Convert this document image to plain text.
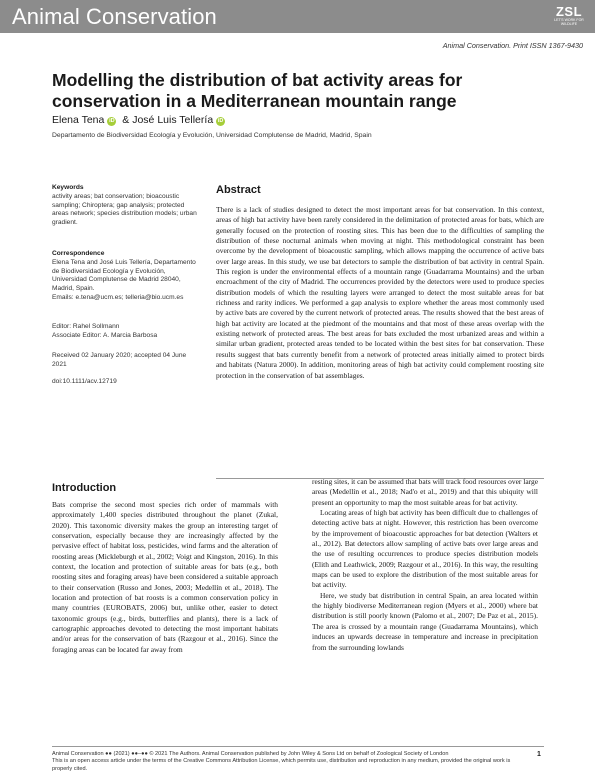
Animal Conservation	ZSL
LET'S WORK FOR WILDLIFE
Animal Conservation. Print ISSN 1367-9430
Modelling the distribution of bat activity areas for conservation in a Mediterranean mountain range
Elena Tena iD & José Luis Tellería iD
Departamento de Biodiversidad Ecología y Evolución, Universidad Complutense de Madrid, Madrid, Spain
Keywords
activity areas; bat conservation; bioacoustic sampling; Chiroptera; gap analysis; protected areas network; species distribution models; urban gradient.
Correspondence
Elena Tena and José Luis Tellería, Departamento de Biodiversidad Ecología y Evolución, Universidad Complutense de Madrid 28040, Madrid, Spain.
Emails: e.tena@ucm.es; telleria@bio.ucm.es
Editor: Rahel Sollmann
Associate Editor: A. Marcia Barbosa
Received 02 January 2020; accepted 04 June 2021
doi:10.1111/acv.12719
Abstract
There is a lack of studies designed to detect the most important areas for bat conservation. In this context, areas of high bat activity have been rarely considered in the delimitation of protected areas for bats, which are generally focused on the protection of roosting sites. This has been due to the difficulties of sampling the distribution of these nocturnal animals when moving at night. This methodological constraint has been overcome by the development of bioacoustic sampling, which allows mapping the occurrence of active bats over large areas. In this study, we use bat detectors to sample the distribution of bat activity in central Spain. This region is under the environmental effects of a mountain range (Guadarrama Mountains) and the urban encroachment of the city of Madrid. The occurrences provided by the detectors were used to produce species distribution models of which the resulting layers were arranged to detect the most suitable areas for bat richness and rarity indices. We performed a gap analysis to explore whether the areas most commonly used by active bats are covered by the current network of protected areas. The results showed that the best areas of high bat activity are located at the piedmont of the mountains and that most of these areas overlap with the existing network of protected areas. The best areas for bats excluded the most urbanized areas and within a similar urban gradient, protected areas tended to be located within the best sites for bat conservation. These results suggest that bats currently benefit from a network of protected areas initially aimed to protect birds and habitats (Natura 2000). In addition, monitoring areas of high bat activity could complement roosting site protection in the conservation of bat assemblages.
Introduction
Bats comprise the second most species rich order of mammals with approximately 1,400 species distributed throughout the planet (Zukal, 2020). This taxonomic diversity makes the group an interesting target of conservation, especially because they are increasingly affected by the pervasive effect of habitat loss, pesticides, wind farms and the alteration of roosting areas (Mickleburgh et al., 2002; Voigt and Kingston, 2016). In this context, the location and protection of suitable areas for bats (e.g., both roosting sites and foraging areas) have been considered a suitable approach to their conservation (Russo and Jones, 2003; Medellín et al., 2018). The location and protection of bat roosts is a common conservation policy in many countries (EUROBATS, 2006) but, unlike other, easier to detect taxonomic groups (e.g., birds, butterflies and plants), there is a lack of cartographic approaches devoted to detecting the most important habitats and/or areas for the conservation of bats (Razgour et al., 2016). Since the foraging areas can be located far away from
resting sites, it can be assumed that bats will track food resources over large areas (Medellín et al., 2018; Nad'o et al., 2019) and that this ubiquity will present an opportunity to map the most suitable areas for bat activity.
Locating areas of high bat activity has been difficult due to challenges of detecting active bats at night. However, this restriction has been overcome by the improvement of bioacoustic approaches for bat detection (Walters et al., 2012). Bat detectors allow sampling of active bats over large areas and the use of resulting occurrences to produce species distribution models (Elith and Leathwick, 2009; Razgour et al., 2016). In this way, the resulting maps can be used to explore the distribution of the most suitable areas for bat activity.
Here, we study bat distribution in central Spain, an area located within the highly biodiverse Mediterranean region (Myers et al., 2000) where bat distribution is still poorly known (Palomo et al., 2007; De Paz et al., 2015). The area is crossed by a mountain range (Guadarrama Mountains), which induces an upwards decrease in temperature and increase in precipitation from the surrounding lowlands
Animal Conservation ●● (2021) ●●–●● © 2021 The Authors. Animal Conservation published by John Wiley & Sons Ltd on behalf of Zoological Society of London
This is an open access article under the terms of the Creative Commons Attribution License, which permits use, distribution and reproduction in any medium, provided the original work is properly cited.
1
